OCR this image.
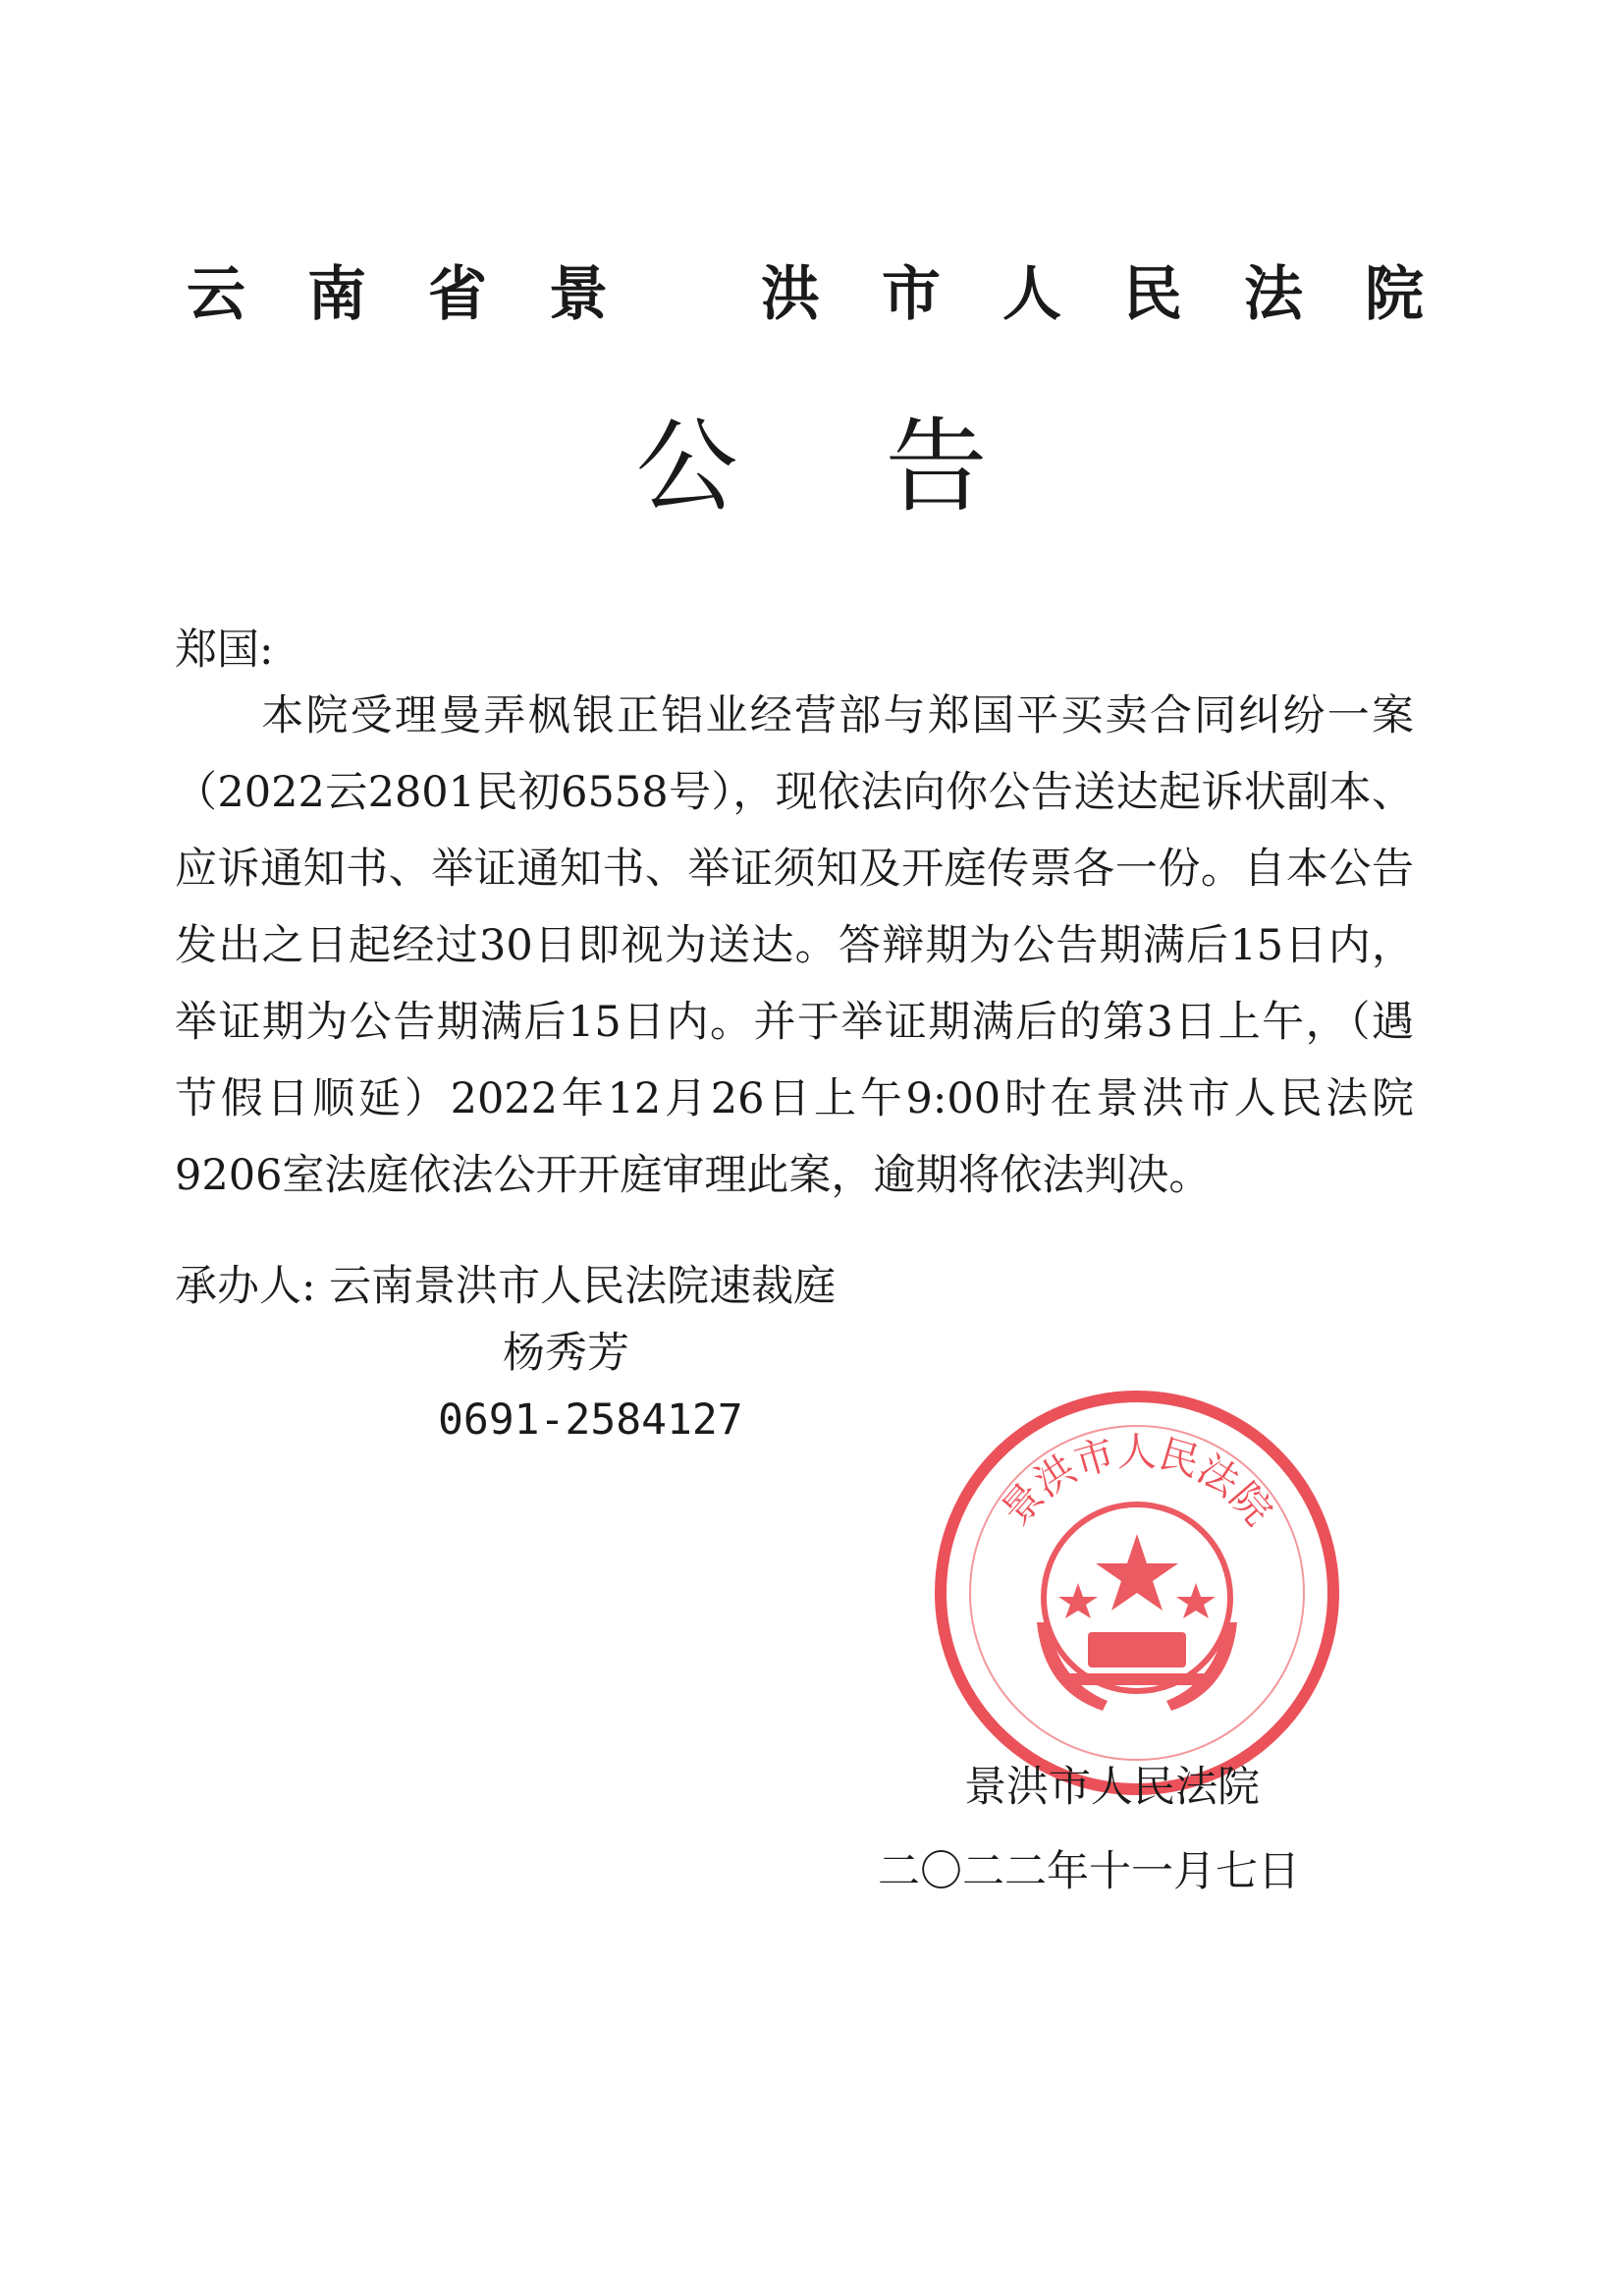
云 南 省 景	洪 市 人 民 法 院
公告
郑国:
本院受理曼弄枫银正铝业经营部与郑国平买卖合同纠纷一案（2022云2801民初6558号），现依法向你公告送达起诉状副本、应诉通知书、举证通知书、举证须知及开庭传票各一份。自本公告发出之日起经过30日即视为送达。答辩期为公告期满后15日内，举证期为公告期满后15日内。并于举证期满后的第3日上午，（遇节假日顺延）2022年12月26日上午9:00时在景洪市人民法院9206室法庭依法公开开庭审理此案，逾期将依法判决。
承办人: 云南景洪市人民法院速裁庭
杨秀芳
0691-2584127
景洪市人民法院
景洪市人民法院
二〇二二年十一月七日
